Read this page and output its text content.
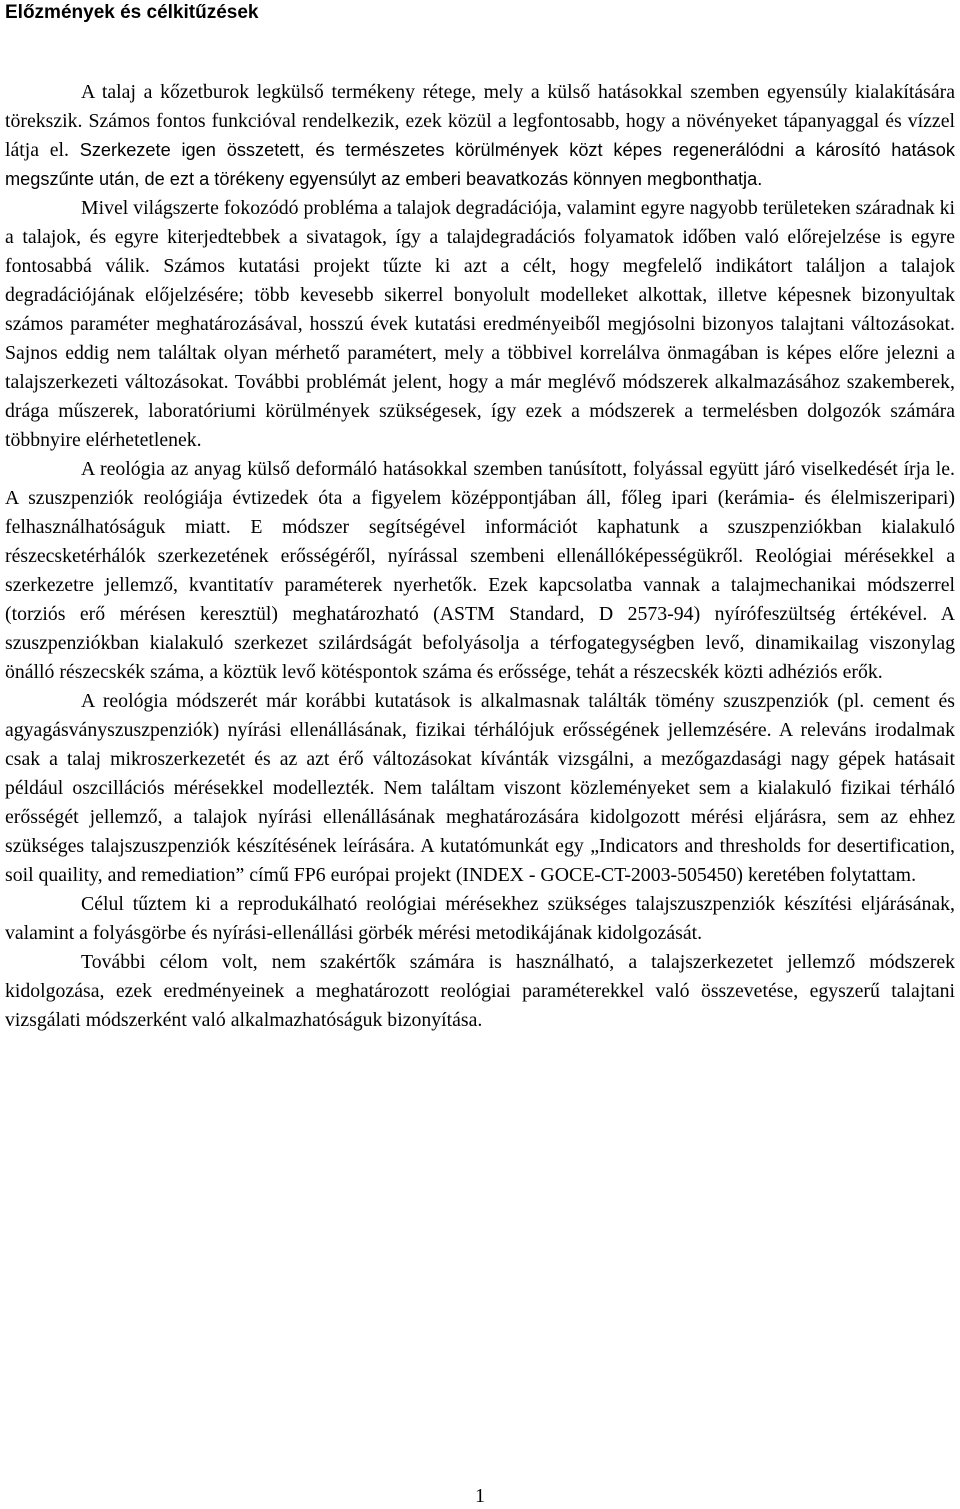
Előzmények és célkitűzések

A talaj a kőzetburok legkülső termékeny rétege, mely a külső hatásokkal szemben egyensúly kialakítására törekszik. Számos fontos funkcióval rendelkezik, ezek közül a legfontosabb, hogy a növényeket tápanyaggal és vízzel látja el. Szerkezete igen összetett, és természetes körülmények közt képes regenerálódni a károsító hatások megszűnte után, de ezt a törékeny egyensúlyt az emberi beavatkozás könnyen megbonthatja.

Mivel világszerte fokozódó probléma a talajok degradációja, valamint egyre nagyobb területeken száradnak ki a talajok, és egyre kiterjedtebbek a sivatagok, így a talajdegradációs folyamatok időben való előrejelzése is egyre fontosabbá válik. Számos kutatási projekt tűzte ki azt a célt, hogy megfelelő indikátort találjon a talajok degradációjának előjelzésére; több kevesebb sikerrel bonyolult modelleket alkottak, illetve képesnek bizonyultak számos paraméter meghatározásával, hosszú évek kutatási eredményeiből megjósolni bizonyos talajtani változásokat. Sajnos eddig nem találtak olyan mérhető paramétert, mely a többivel korrelálva önmagában is képes előre jelezni a talajszerkezeti változásokat. További problémát jelent, hogy a már meglévő módszerek alkalmazásához szakemberek, drága műszerek, laboratóriumi körülmények szükségesek, így ezek a módszerek a termelésben dolgozók számára többnyire elérhetetlenek.

A reológia az anyag külső deformáló hatásokkal szemben tanúsított, folyással együtt járó viselkedését írja le. A szuszpenziók reológiája évtizedek óta a figyelem középpontjában áll, főleg ipari (kerámia- és élelmiszeripari) felhasználhatóságuk miatt. E módszer segítségével információt kaphatunk a szuszpenziókban kialakuló részecsketérhálók szerkezetének erősségéről, nyírással szembeni ellenállóképességükről. Reológiai mérésekkel a szerkezetre jellemző, kvantitatív paraméterek nyerhetők. Ezek kapcsolatba vannak a talajmechanikai módszerrel (torziós erő mérésen keresztül) meghatározható (ASTM Standard, D 2573-94) nyírófeszültség értékével. A szuszpenziókban kialakuló szerkezet szilárdságát befolyásolja a térfogategységben levő, dinamikailag viszonylag önálló részecskék száma, a köztük levő kötéspontok száma és erőssége, tehát a részecskék közti adhéziós erők.

A reológia módszerét már korábbi kutatások is alkalmasnak találták tömény szuszpenziók (pl. cement és agyagásványszuszpenziók) nyírási ellenállásának, fizikai térhálójuk erősségének jellemzésére. A releváns irodalmak csak a talaj mikroszerkezetét és az azt érő változásokat kívánták vizsgálni, a mezőgazdasági nagy gépek hatásait például oszcillációs mérésekkel modellezték. Nem találtam viszont közleményeket sem a kialakuló fizikai térháló erősségét jellemző, a talajok nyírási ellenállásának meghatározására kidolgozott mérési eljárásra, sem az ehhez szükséges talajszuszpenziók készítésének leírására. A kutatómunkát egy „Indicators and thresholds for desertification, soil quaility, and remediation” című FP6 európai projekt (INDEX - GOCE-CT-2003-505450) keretében folytattam.

Célul tűztem ki a reprodukálható reológiai mérésekhez szükséges talajszuszpenziók készítési eljárásának, valamint a folyásgörbe és nyírási-ellenállási görbék mérési metodikájának kidolgozását.

További célom volt, nem szakértők számára is használható, a talajszerkezetet jellemző módszerek kidolgozása, ezek eredményeinek a meghatározott reológiai paraméterekkel való összevetése, egyszerű talajtani vizsgálati módszerként való alkalmazhatóságuk bizonyítása.

1
